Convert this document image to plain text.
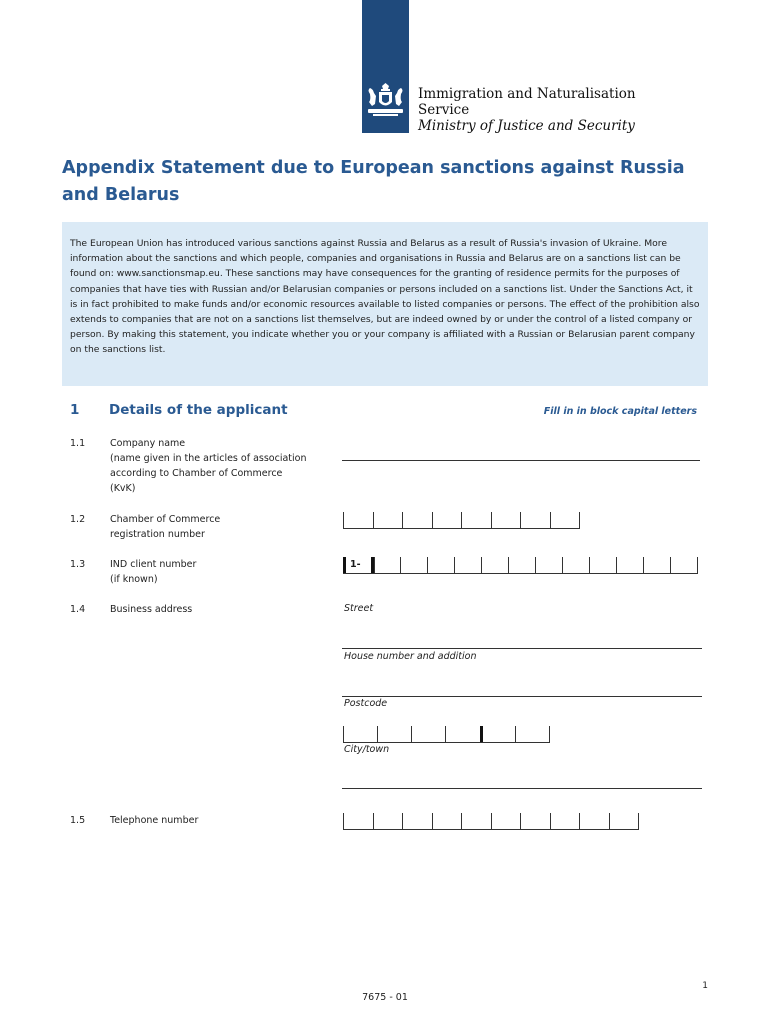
Immigration and Naturalisation
Service
Ministry of Justice and Security
Appendix Statement due to European sanctions against Russia and Belarus
The European Union has introduced various sanctions against Russia and Belarus as a result of Russia's invasion of Ukraine. More information about the sanctions and which people, companies and organisations in Russia and Belarus are on a sanctions list can be found on: www.sanctionsmap.eu. These sanctions may have consequences for the granting of residence permits for the purposes of companies that have ties with Russian and/or Belarusian companies or persons included on a sanctions list. Under the Sanctions Act, it is in fact prohibited to make funds and/or economic resources available to listed companies or persons. The effect of the prohibition also extends to companies that are not on a sanctions list themselves, but are indeed owned by or under the control of a listed company or person. By making this statement, you indicate whether you or your company is affiliated with a Russian or Belarusian parent company on the sanctions list.
1 Details of the applicant	Fill in in block capital letters
1.1	Company name
(name given in the articles of association
according to Chamber of Commerce
(KvK)
1.2	Chamber of Commerce
registration number
1.3	IND client number
(if known)
1-
1.4	Business address	Street
House number and addition
Postcode
City/town
1.5	Telephone number
1
7675 - 01
